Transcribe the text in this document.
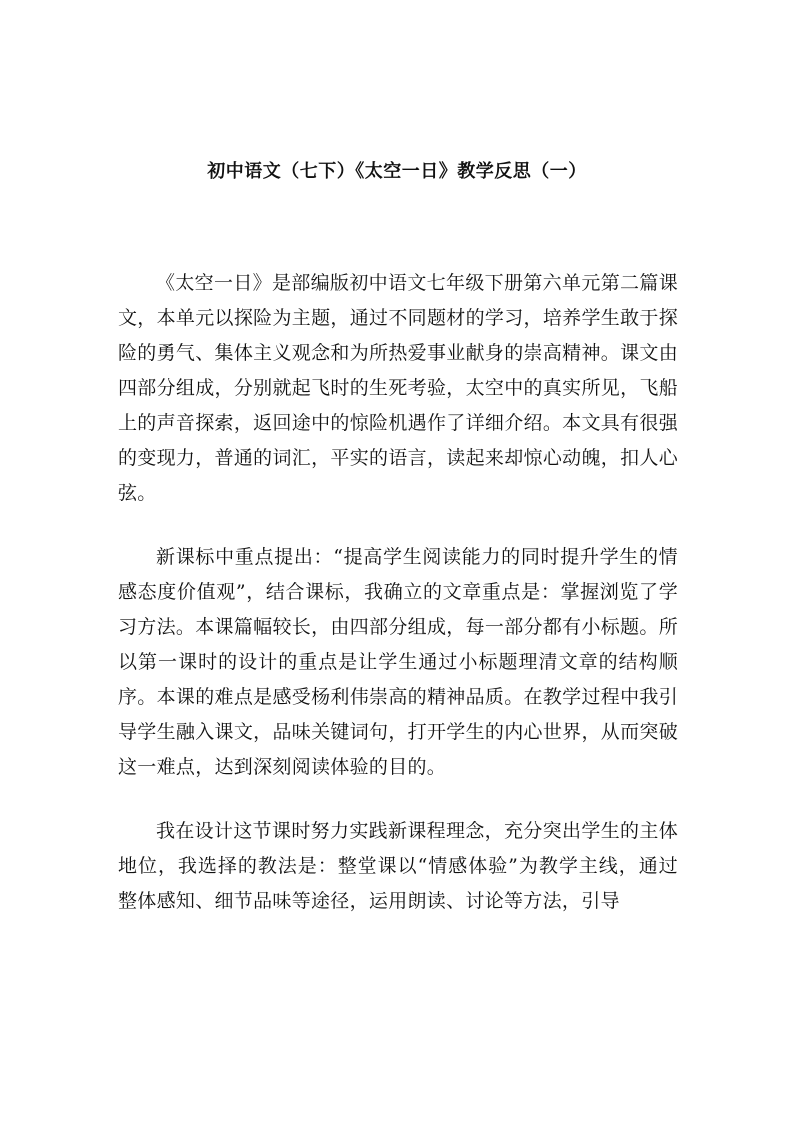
初中语文（七下）《太空一日》教学反思（一）

《太空一日》是部编版初中语文七年级下册第六单元第二篇课文，本单元以探险为主题，通过不同题材的学习，培养学生敢于探险的勇气、集体主义观念和为所热爱事业献身的崇高精神。课文由四部分组成，分别就起飞时的生死考验，太空中的真实所见，飞船上的声音探索，返回途中的惊险机遇作了详细介绍。本文具有很强的变现力，普通的词汇，平实的语言，读起来却惊心动魄，扣人心弦。

新课标中重点提出：“提高学生阅读能力的同时提升学生的情感态度价值观”，结合课标，我确立的文章重点是：掌握浏览了学习方法。本课篇幅较长，由四部分组成，每一部分都有小标题。所以第一课时的设计的重点是让学生通过小标题理清文章的结构顺序。本课的难点是感受杨利伟崇高的精神品质。在教学过程中我引导学生融入课文，品味关键词句，打开学生的内心世界，从而突破这一难点，达到深刻阅读体验的目的。

我在设计这节课时努力实践新课程理念，充分突出学生的主体地位，我选择的教法是：整堂课以“情感体验”为教学主线，通过整体感知、细节品味等途径，运用朗读、讨论等方法，引导
